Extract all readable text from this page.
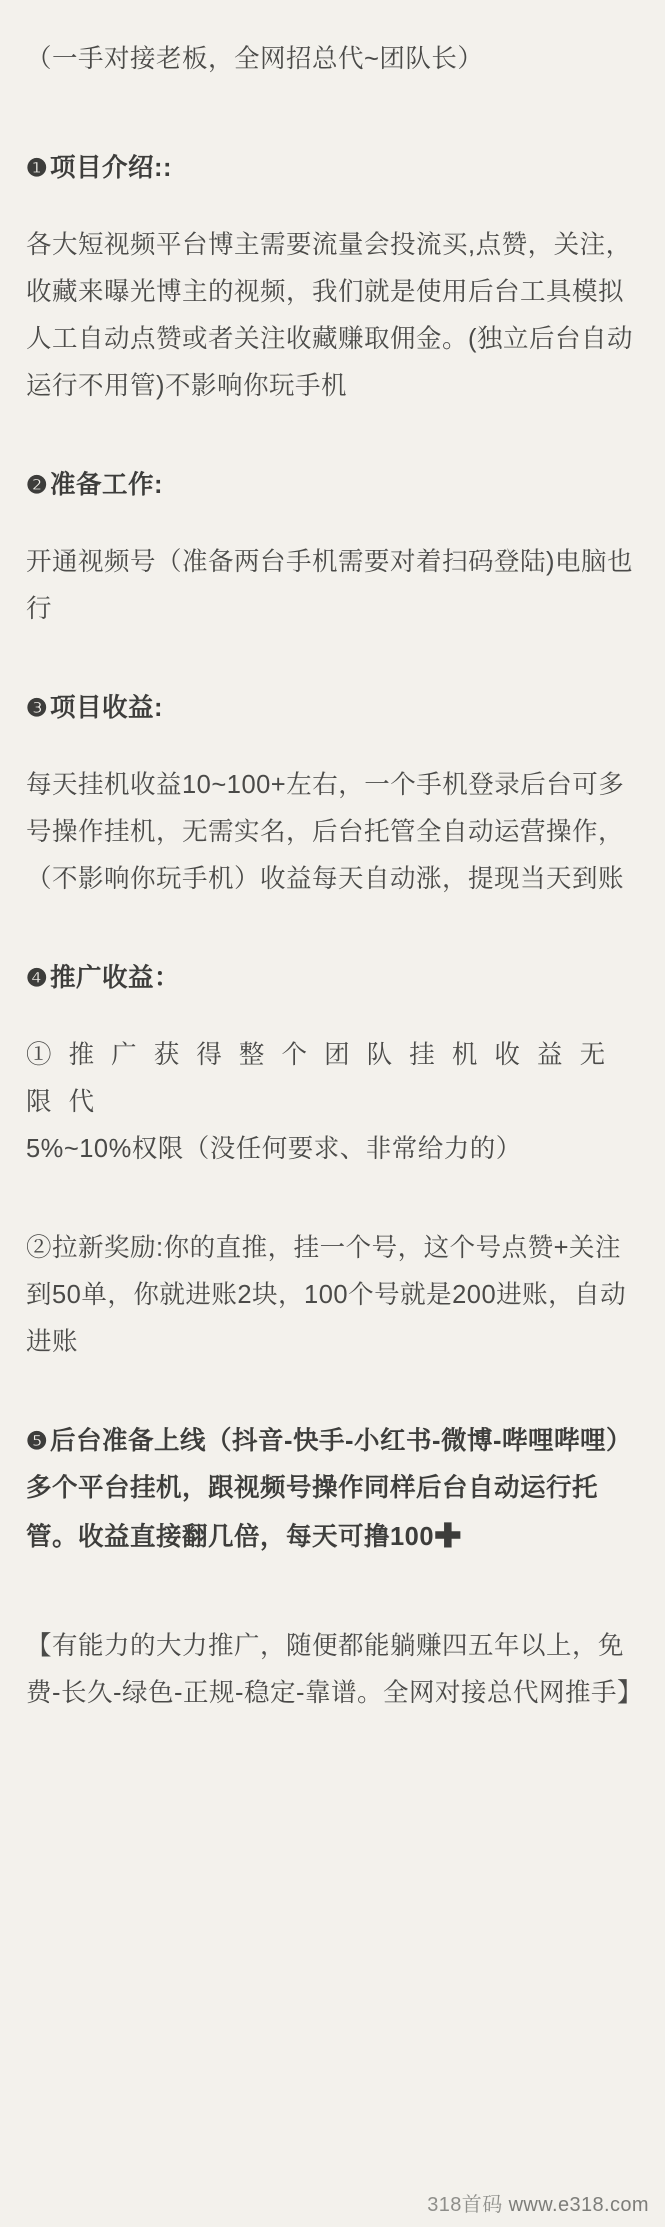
（一手对接老板，全网招总代~团队长）

❶项目介绍::

各大短视频平台博主需要流量会投流买,点赞，关注，收藏来曝光博主的视频，我们就是使用后台工具模拟人工自动点赞或者关注收藏赚取佣金。(独立后台自动运行不用管)不影响你玩手机

❷准备工作:

开通视频号（准备两台手机需要对着扫码登陆)电脑也行

❸项目收益:

每天挂机收益10~100+左右，一个手机登录后台可多号操作挂机，无需实名，后台托管全自动运营操作，（不影响你玩手机）收益每天自动涨，提现当天到账

❹推广收益：

① 推 广 获 得 整 个 团 队 挂 机 收 益 无 限 代

5%~10%权限（没任何要求、非常给力的）

②拉新奖励:你的直推，挂一个号，这个号点赞+关注到50单，你就进账2块，100个号就是200进账，自动进账

❺后台准备上线（抖音-快手-小红书-微博-哔哩哔哩）多个平台挂机，跟视频号操作同样后台自动运行托管。收益直接翻几倍，每天可撸100✚

【有能力的大力推广，随便都能躺赚四五年以上，免费-长久-绿色-正规-稳定-靠谱。全网对接总代网推手】

318首码 www.e318.com
